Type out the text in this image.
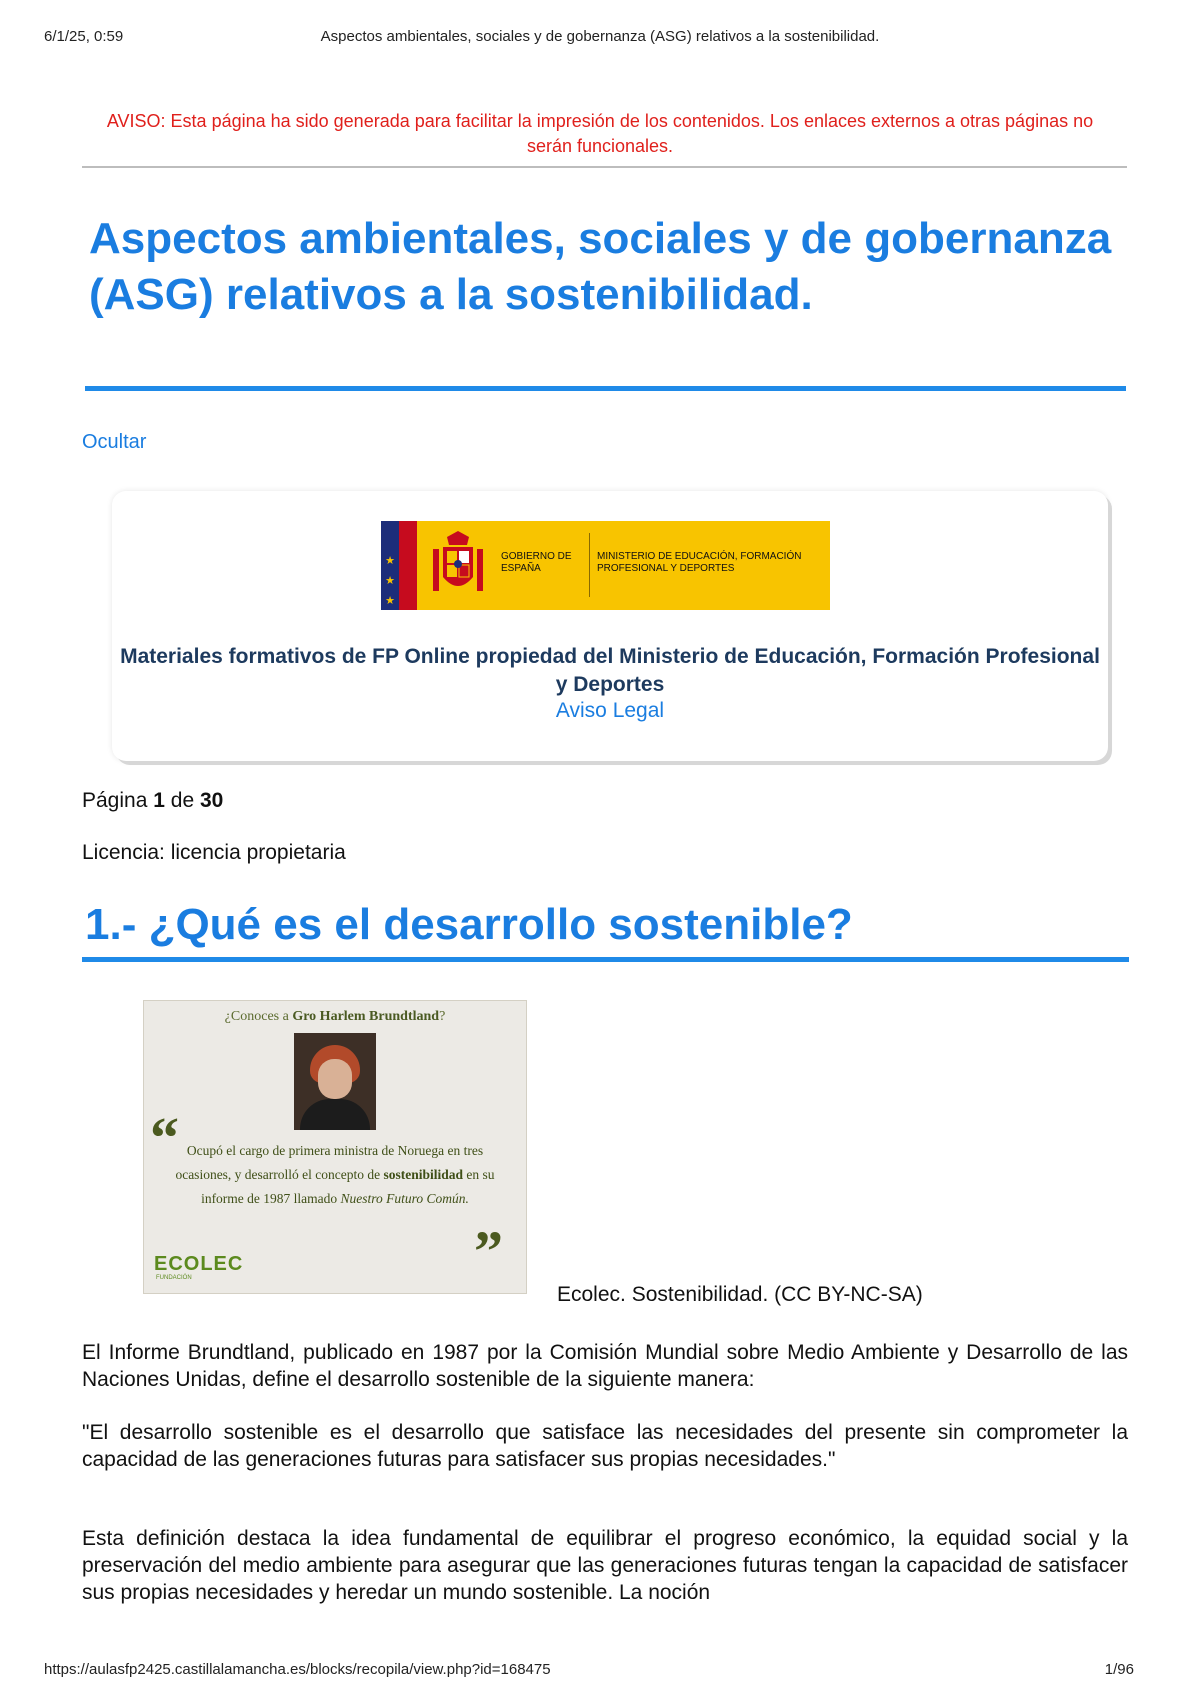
6/1/25, 0:59	Aspectos ambientales, sociales y de gobernanza (ASG) relativos a la sostenibilidad.
AVISO: Esta página ha sido generada para facilitar la impresión de los contenidos. Los enlaces externos a otras páginas no serán funcionales.
Aspectos ambientales, sociales y de gobernanza (ASG) relativos a la sostenibilidad.
Ocultar
★
★
★
GOBIERNO DE ESPAÑA
MINISTERIO DE EDUCACIÓN, FORMACIÓN PROFESIONAL Y DEPORTES
Materiales formativos de FP Online propiedad del Ministerio de Educación, Formación Profesional y Deportes
Aviso Legal
Página 1 de 30
Licencia: licencia propietaria
1.- ¿Qué es el desarrollo sostenible?
¿Conoces a Gro Harlem Brundtland?
“ Ocupó el cargo de primera ministra de Noruega en tres ocasiones, y desarrolló el concepto de sostenibilidad en su informe de 1987 llamado Nuestro Futuro Común.
”
ECOLEC
FUNDACIÓN
Ecolec. Sostenibilidad. (CC BY-NC-SA)

El Informe Brundtland, publicado en 1987 por la Comisión Mundial sobre Medio Ambiente y Desarrollo de las Naciones Unidas, define el desarrollo sostenible de la siguiente manera:

"El desarrollo sostenible es el desarrollo que satisface las necesidades del presente sin comprometer la capacidad de las generaciones futuras para satisfacer sus propias necesidades."

Esta definición destaca la idea fundamental de equilibrar el progreso económico, la equidad social y la preservación del medio ambiente para asegurar que las generaciones futuras tengan la capacidad de satisfacer sus propias necesidades y heredar un mundo sostenible. La noción

https://aulasfp2425.castillalamancha.es/blocks/recopila/view.php?id=168475	1/96
